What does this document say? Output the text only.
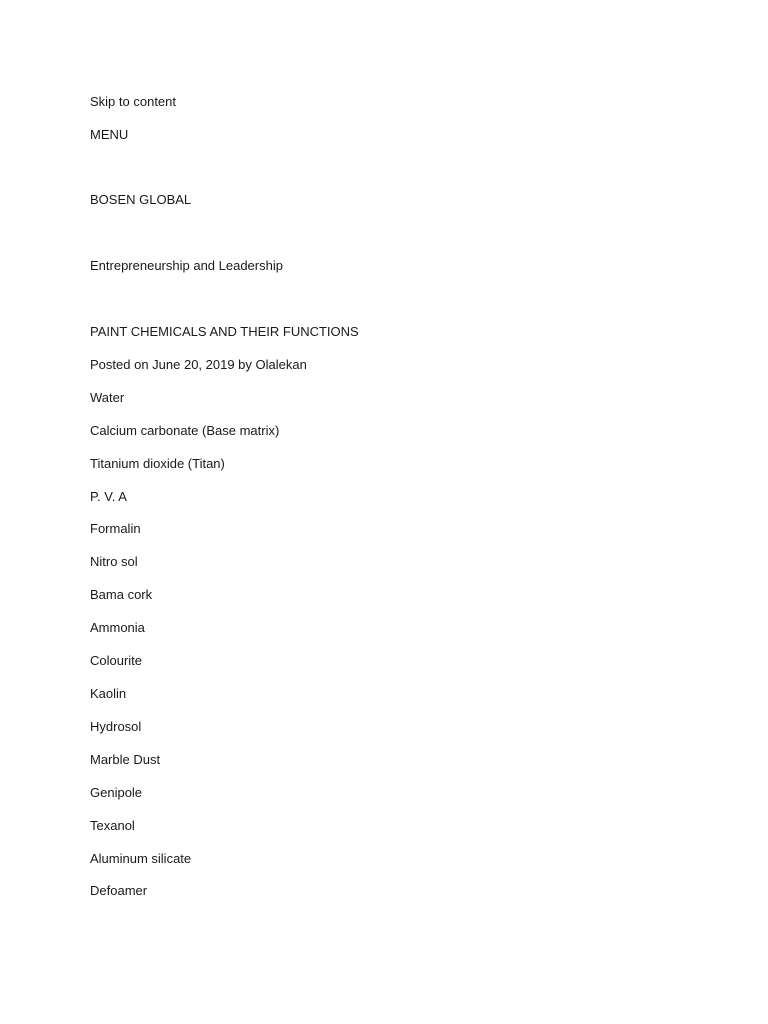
Skip to content
MENU
BOSEN GLOBAL

Entrepreneurship and Leadership

PAINT CHEMICALS AND THEIR FUNCTIONS

Posted on June 20, 2019 by Olalekan

Water
Calcium carbonate (Base matrix)
Titanium dioxide (Titan)
P. V. A
Formalin
Nitro sol
Bama cork
Ammonia
Colourite
Kaolin
Hydrosol
Marble Dust
Genipole
Texanol
Aluminum silicate
Defoamer
